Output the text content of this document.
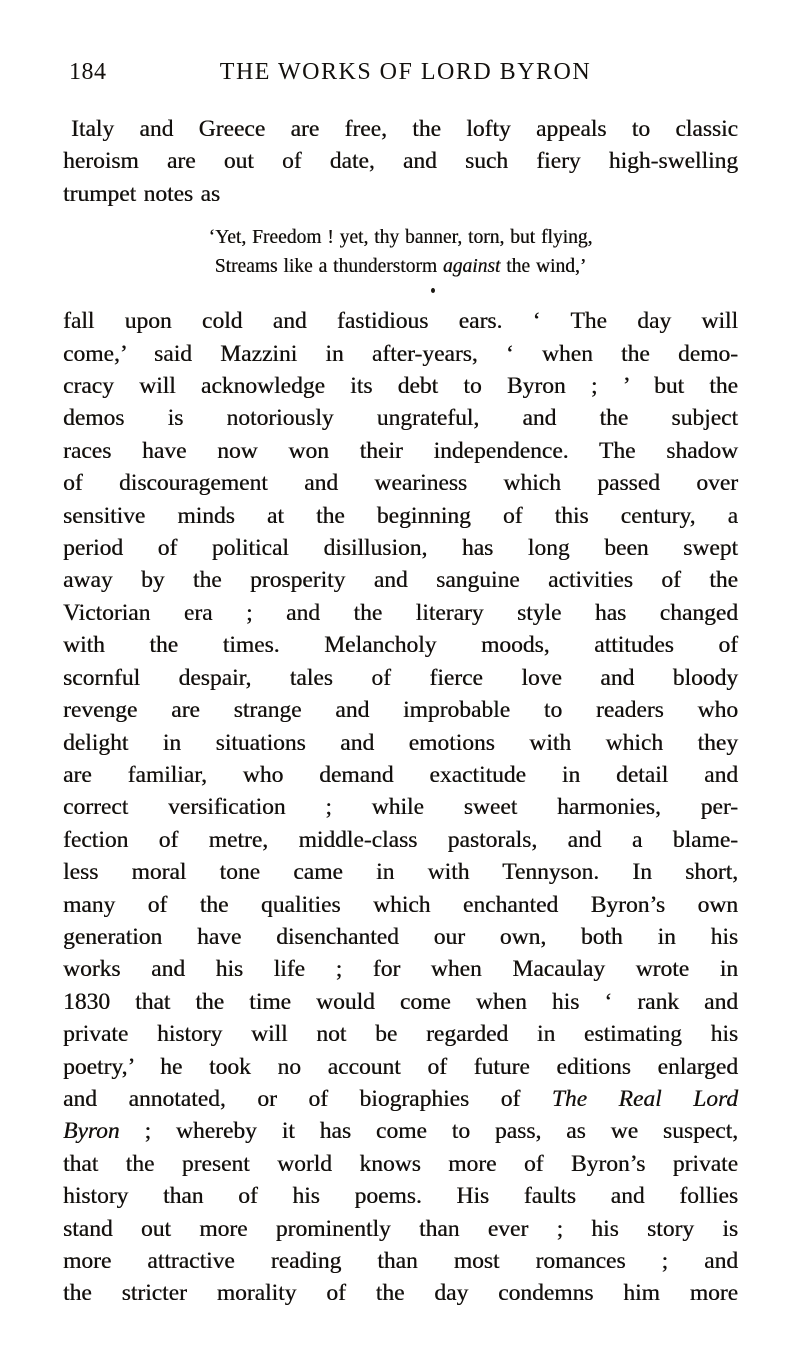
184	THE WORKS OF LORD BYRON
Italy and Greece are free, the lofty appeals to classic
heroism are out of date, and such fiery high-swelling
trumpet notes as
‘Yet, Freedom ! yet, thy banner, torn, but flying,
Streams like a thunderstorm against the wind,’
fall upon cold and fastidious ears. ‘ The day will
come,’ said Mazzini in after-years, ‘ when the demo-
cracy will acknowledge its debt to Byron ; ’ but the
demos is notoriously ungrateful, and the subject
races have now won their independence. The shadow
of discouragement and weariness which passed over
sensitive minds at the beginning of this century, a
period of political disillusion, has long been swept
away by the prosperity and sanguine activities of the
Victorian era ; and the literary style has changed
with the times. Melancholy moods, attitudes of
scornful despair, tales of fierce love and bloody
revenge are strange and improbable to readers who
delight in situations and emotions with which they
are familiar, who demand exactitude in detail and
correct versification ; while sweet harmonies, per-
fection of metre, middle-class pastorals, and a blame-
less moral tone came in with Tennyson. In short,
many of the qualities which enchanted Byron’s own
generation have disenchanted our own, both in his
works and his life ; for when Macaulay wrote in
1830 that the time would come when his ‘ rank and
private history will not be regarded in estimating his
poetry,’ he took no account of future editions enlarged
and annotated, or of biographies of The Real Lord
Byron ; whereby it has come to pass, as we suspect,
that the present world knows more of Byron’s private
history than of his poems. His faults and follies
stand out more prominently than ever ; his story is
more attractive reading than most romances ; and
the stricter morality of the day condemns him more
